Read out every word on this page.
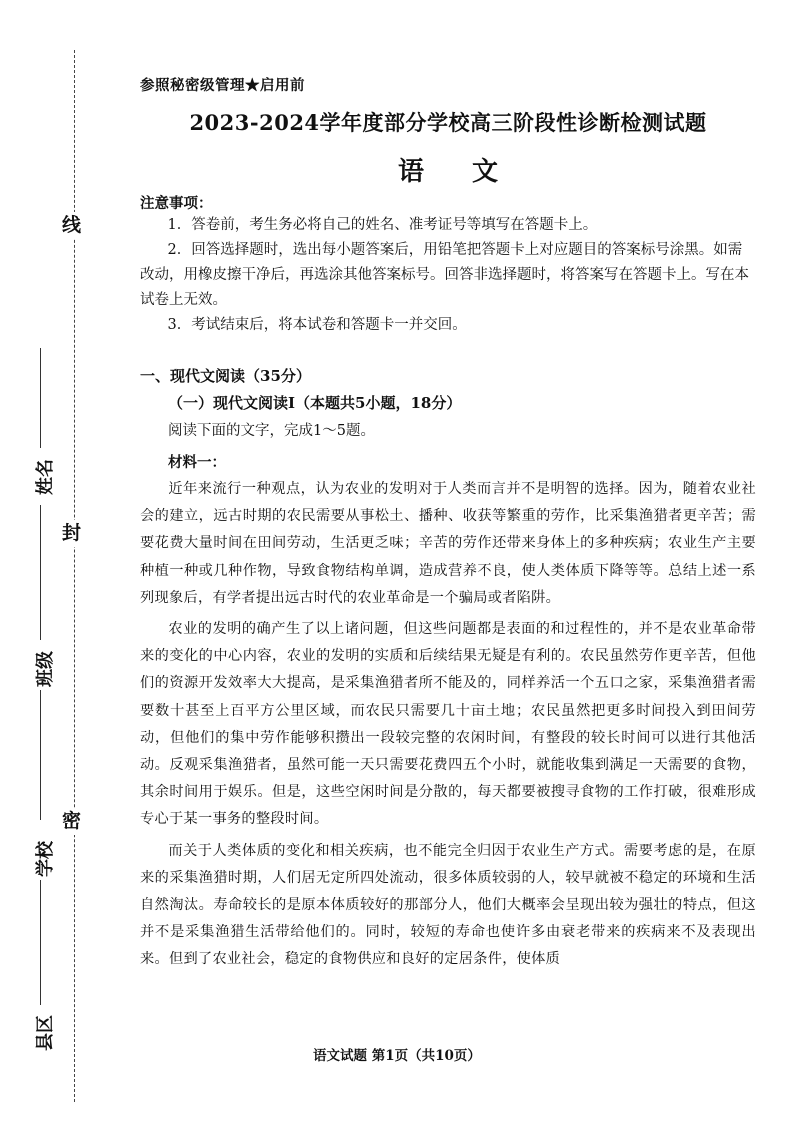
线
封
密
姓名
班级
学校
县区

参照秘密级管理★启用前

2023-2024学年度部分学校高三阶段性诊断检测试题
语文

注意事项：

1．答卷前，考生务必将自己的姓名、准考证号等填写在答题卡上。

2．回答选择题时，选出每小题答案后，用铅笔把答题卡上对应题目的答案标号涂黑。如需改动，用橡皮擦干净后，再选涂其他答案标号。回答非选择题时，将答案写在答题卡上。写在本试卷上无效。

3．考试结束后，将本试卷和答题卡一并交回。

一、现代文阅读（35分）

（一）现代文阅读Ⅰ（本题共5小题，18分）

阅读下面的文字，完成1～5题。

材料一：

近年来流行一种观点，认为农业的发明对于人类而言并不是明智的选择。因为，随着农业社会的建立，远古时期的农民需要从事松土、播种、收获等繁重的劳作，比采集渔猎者更辛苦；需要花费大量时间在田间劳动，生活更乏味；辛苦的劳作还带来身体上的多种疾病；农业生产主要种植一种或几种作物，导致食物结构单调，造成营养不良，使人类体质下降等等。总结上述一系列现象后，有学者提出远古时代的农业革命是一个骗局或者陷阱。

农业的发明的确产生了以上诸问题，但这些问题都是表面的和过程性的，并不是农业革命带来的变化的中心内容，农业的发明的实质和后续结果无疑是有利的。农民虽然劳作更辛苦，但他们的资源开发效率大大提高，是采集渔猎者所不能及的，同样养活一个五口之家，采集渔猎者需要数十甚至上百平方公里区域，而农民只需要几十亩土地；农民虽然把更多时间投入到田间劳动，但他们的集中劳作能够积攒出一段较完整的农闲时间，有整段的较长时间可以进行其他活动。反观采集渔猎者，虽然可能一天只需要花费四五个小时，就能收集到满足一天需要的食物，其余时间用于娱乐。但是，这些空闲时间是分散的，每天都要被搜寻食物的工作打破，很难形成专心于某一事务的整段时间。

而关于人类体质的变化和相关疾病，也不能完全归因于农业生产方式。需要考虑的是，在原来的采集渔猎时期，人们居无定所四处流动，很多体质较弱的人，较早就被不稳定的环境和生活自然淘汰。寿命较长的是原本体质较好的那部分人，他们大概率会呈现出较为强壮的特点，但这并不是采集渔猎生活带给他们的。同时，较短的寿命也使许多由衰老带来的疾病来不及表现出来。但到了农业社会，稳定的食物供应和良好的定居条件，使体质

语文试题 第1页（共10页）
